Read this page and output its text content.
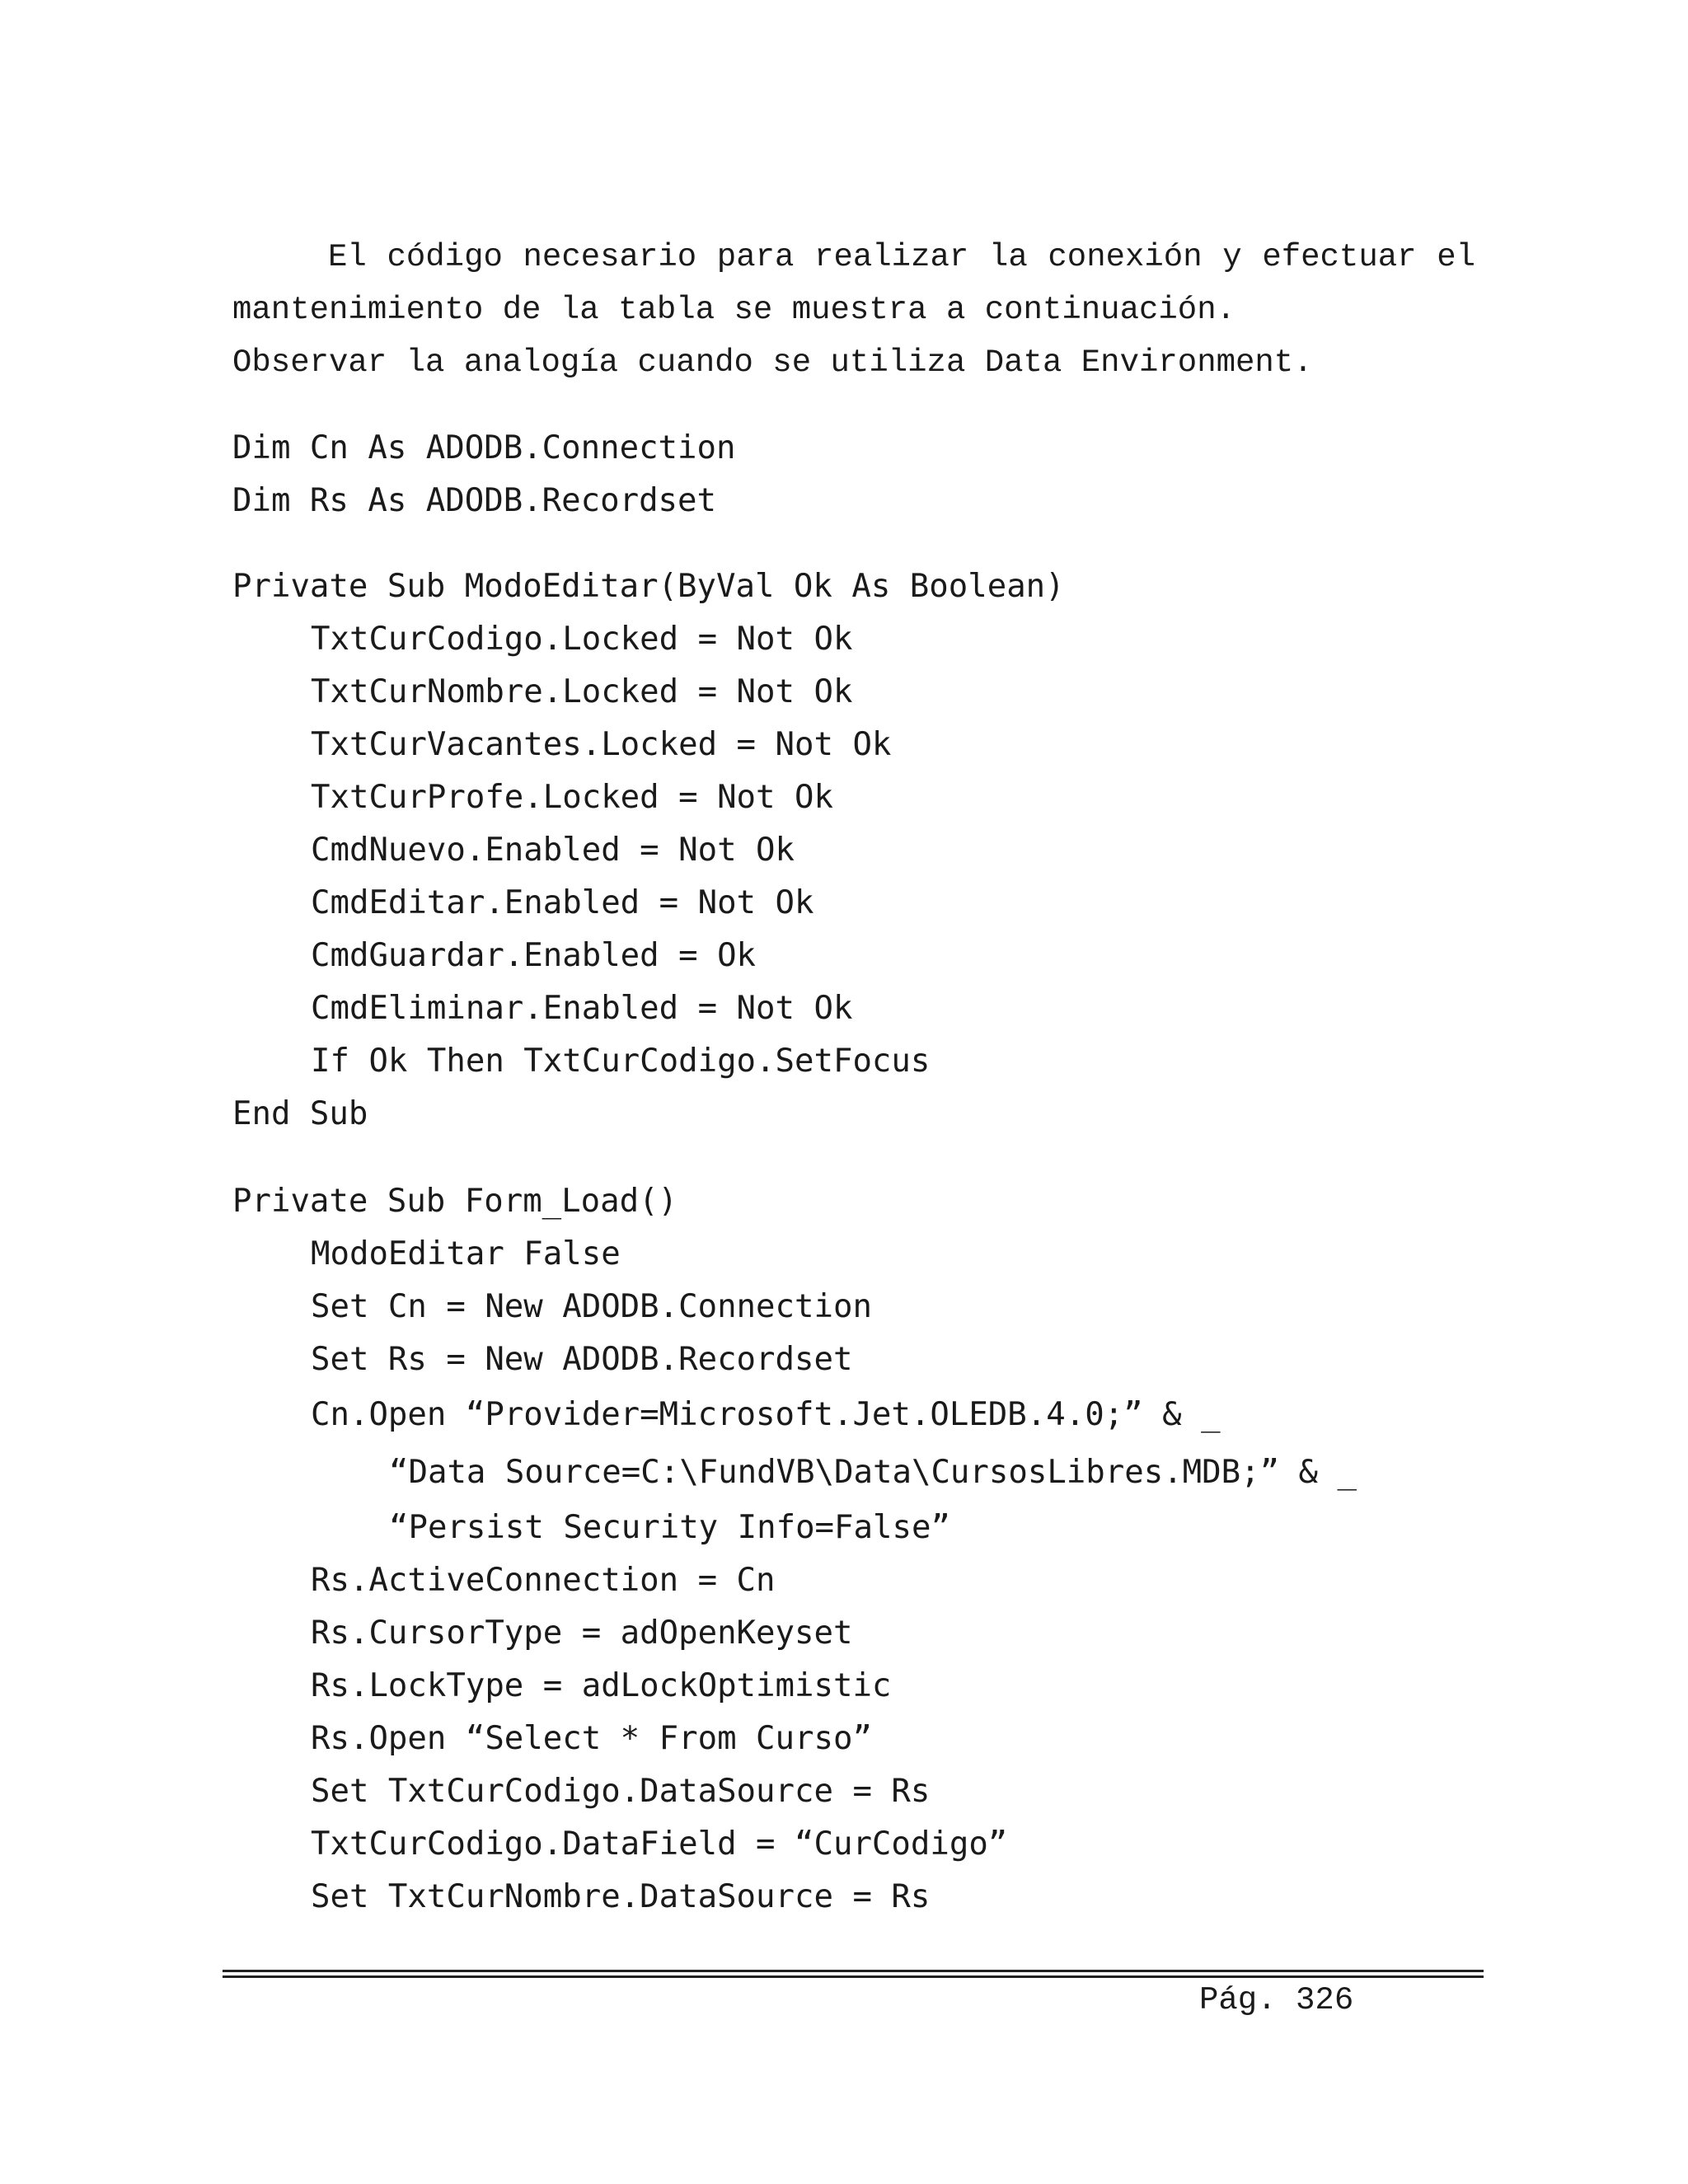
El código necesario para realizar la conexión y efectuar el mantenimiento de la tabla se muestra a continuación.

Observar la analogía cuando se utiliza Data Environment.

Dim Cn As ADODB.Connection
Dim Rs As ADODB.Recordset
Private Sub ModoEditar(ByVal Ok As Boolean)
TxtCurCodigo.Locked = Not Ok
TxtCurNombre.Locked = Not Ok
TxtCurVacantes.Locked = Not Ok
TxtCurProfe.Locked = Not Ok
CmdNuevo.Enabled = Not Ok
CmdEditar.Enabled = Not Ok
CmdGuardar.Enabled = Ok
CmdEliminar.Enabled = Not Ok
If Ok Then TxtCurCodigo.SetFocus
End Sub
Private Sub Form_Load()
ModoEditar False
Set Cn = New ADODB.Connection
Set Rs = New ADODB.Recordset
Cn.Open “Provider=Microsoft.Jet.OLEDB.4.0;” & _
“Data Source=C:\FundVB\Data\CursosLibres.MDB;” & _
“Persist Security Info=False”
Rs.ActiveConnection = Cn
Rs.CursorType = adOpenKeyset
Rs.LockType = adLockOptimistic
Rs.Open “Select * From Curso”
Set TxtCurCodigo.DataSource = Rs
TxtCurCodigo.DataField = “CurCodigo”
Set TxtCurNombre.DataSource = Rs
Pág. 326
